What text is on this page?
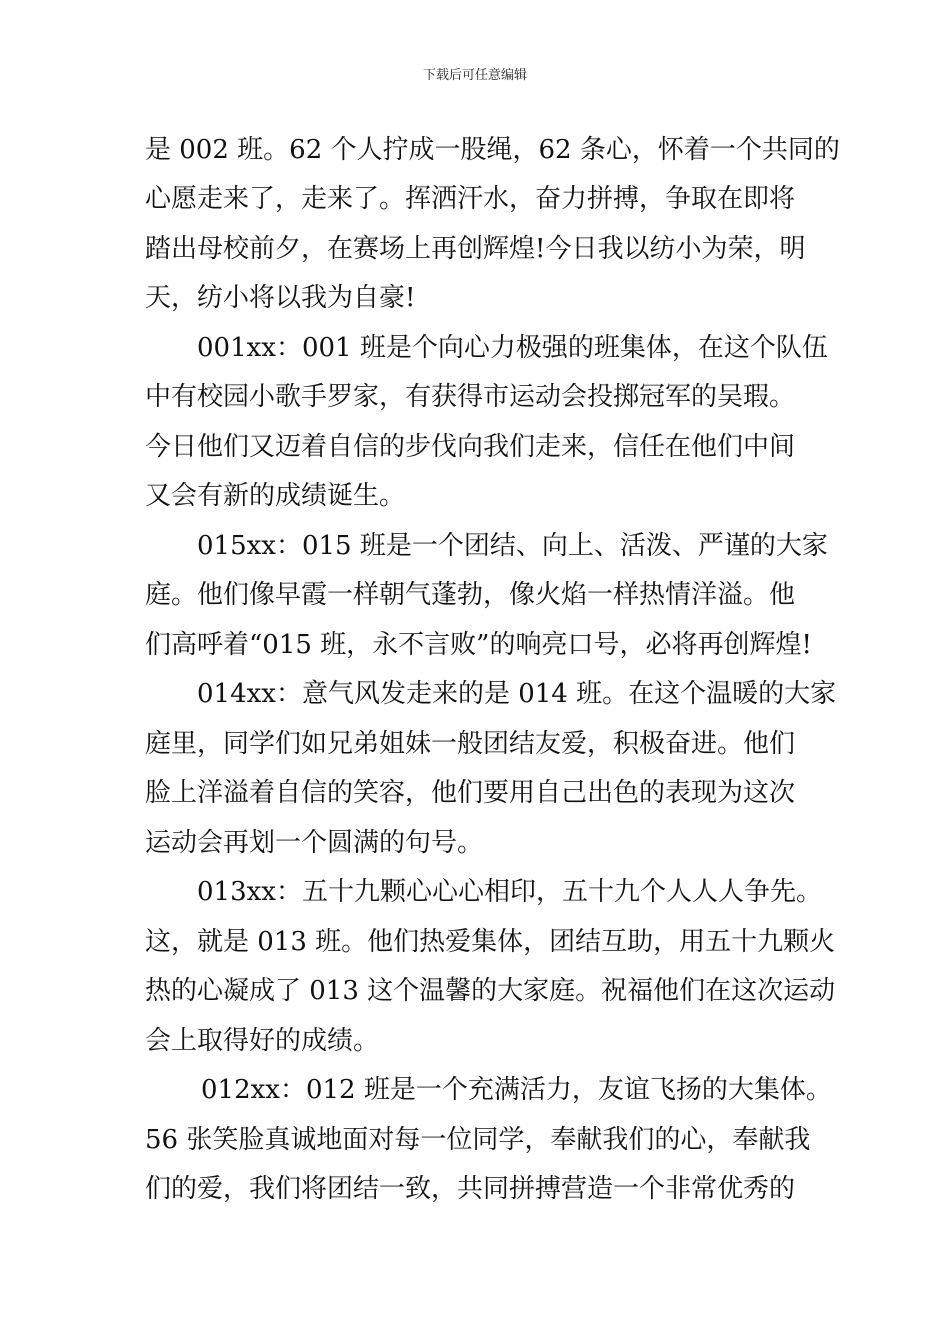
下载后可任意编辑
是 002 班。62 个人拧成一股绳，62 条心，怀着一个共同的
心愿走来了，走来了。挥洒汗水，奋力拼搏，争取在即将
踏出母校前夕，在赛场上再创辉煌!今日我以纺小为荣，明
天，纺小将以我为自豪!
001xx：001 班是个向心力极强的班集体，在这个队伍
中有校园小歌手罗家，有获得市运动会投掷冠军的吴瑕。
今日他们又迈着自信的步伐向我们走来，信任在他们中间
又会有新的成绩诞生。
015xx：015 班是一个团结、向上、活泼、严谨的大家
庭。他们像早霞一样朝气蓬勃，像火焰一样热情洋溢。他
们高呼着“015 班，永不言败”的响亮口号，必将再创辉煌!
014xx：意气风发走来的是 014 班。在这个温暖的大家
庭里，同学们如兄弟姐妹一般团结友爱，积极奋进。他们
脸上洋溢着自信的笑容，他们要用自己出色的表现为这次
运动会再划一个圆满的句号。
013xx：五十九颗心心心相印，五十九个人人人争先。
这，就是 013 班。他们热爱集体，团结互助，用五十九颗火
热的心凝成了 013 这个温馨的大家庭。祝福他们在这次运动
会上取得好的成绩。
012xx：012 班是一个充满活力，友谊飞扬的大集体。
56 张笑脸真诚地面对每一位同学，奉献我们的心，奉献我
们的爱，我们将团结一致，共同拼搏营造一个非常优秀的
